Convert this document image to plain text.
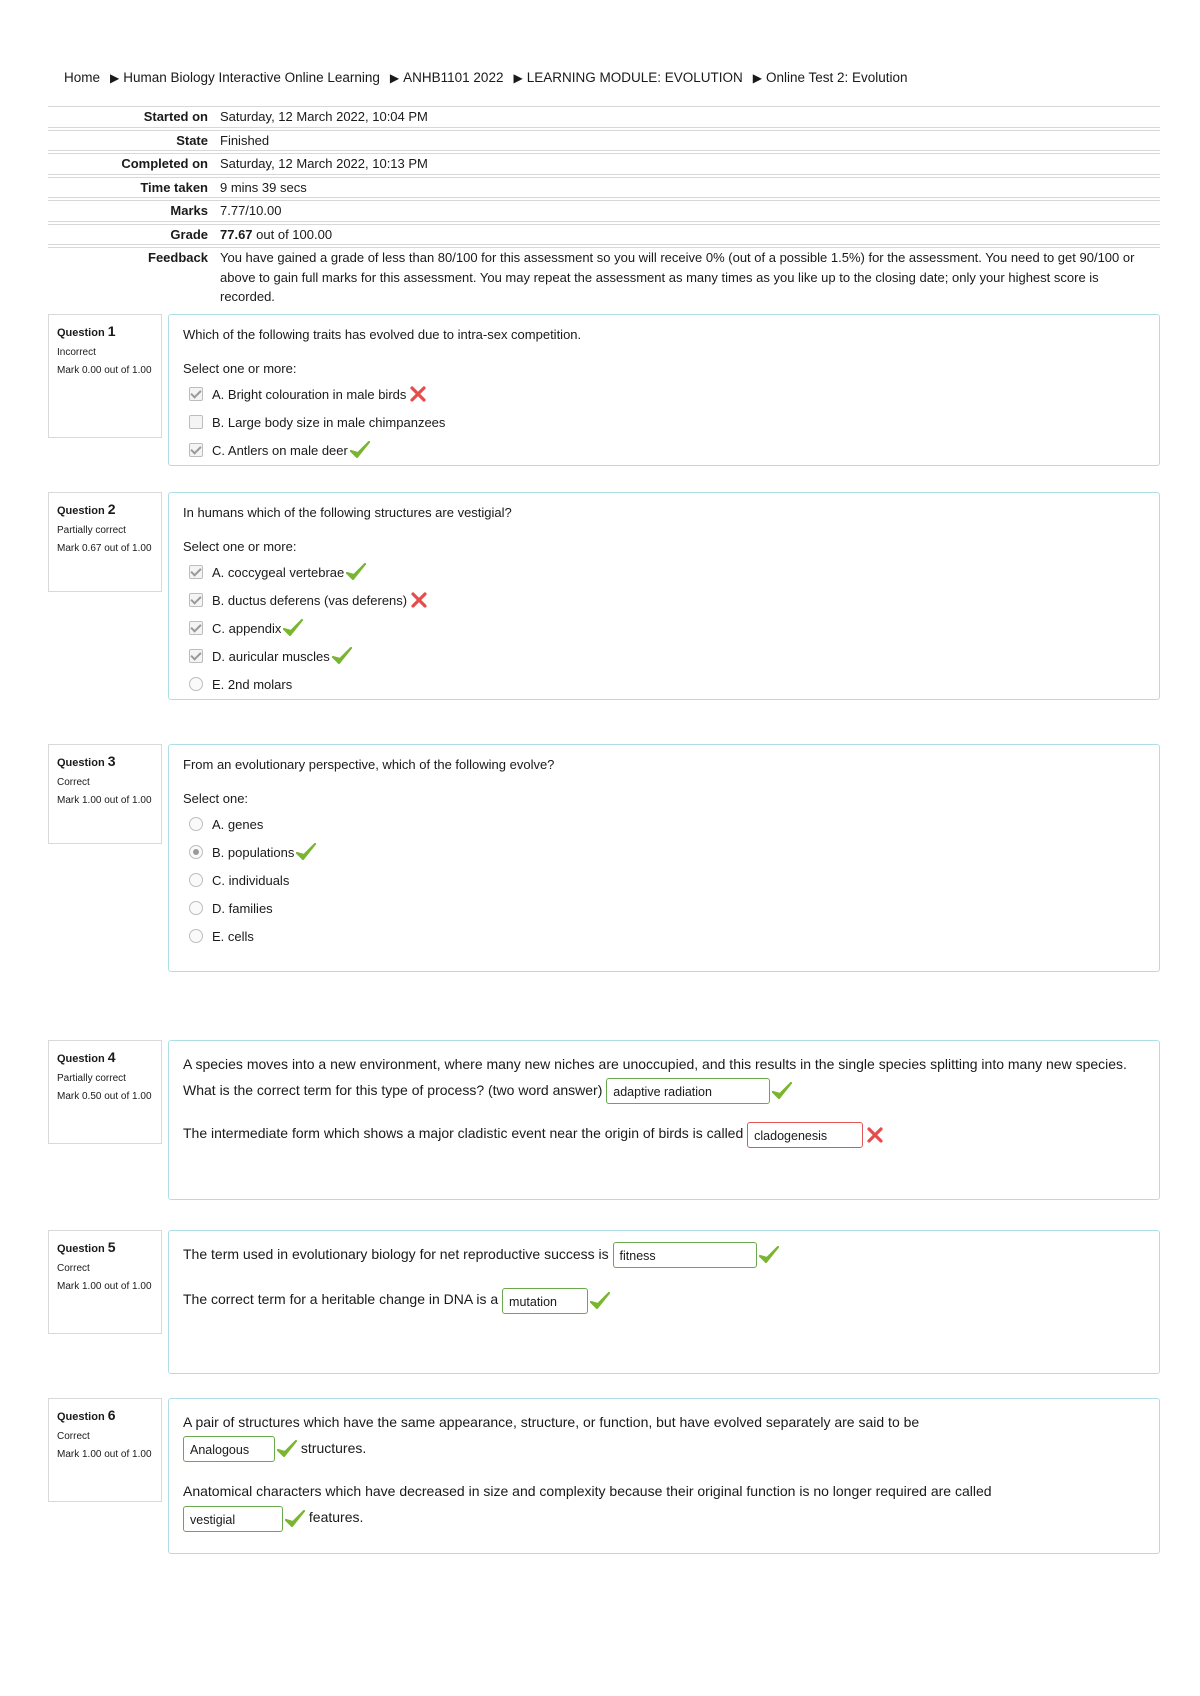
Home ▶ Human Biology Interactive Online Learning ▶ ANHB1101 2022 ▶ LEARNING MODULE: EVOLUTION ▶ Online Test 2: Evolution
Started on Saturday, 12 March 2022, 10:04 PM
State Finished
Completed on Saturday, 12 March 2022, 10:13 PM
Time taken 9 mins 39 secs
Marks 7.77/10.00
Grade 77.67 out of 100.00
Feedback You have gained a grade of less than 80/100 for this assessment so you will receive 0% (out of a possible 1.5%) for the assessment. You need to get 90/100 or above to gain full marks for this assessment. You may repeat the assessment as many times as you like up to the closing date; only your highest score is recorded.
Question 1
Incorrect
Mark 0.00 out of 1.00
Which of the following traits has evolved due to intra-sex competition.
Select one or more:
A. Bright colouration in male birds
B. Large body size in male chimpanzees
C. Antlers on male deer
Question 2
Partially correct
Mark 0.67 out of 1.00
In humans which of the following structures are vestigial?
Select one or more:
A. coccygeal vertebrae
B. ductus deferens (vas deferens)
C. appendix
D. auricular muscles
E. 2nd molars
Question 3
Correct
Mark 1.00 out of 1.00
From an evolutionary perspective, which of the following evolve?
Select one:
A. genes
B. populations
C. individuals
D. families
E. cells
Question 4
Partially correct
Mark 0.50 out of 1.00
A species moves into a new environment, where many new niches are unoccupied, and this results in the single species splitting into many new species. What is the correct term for this type of process? (two word answer) adaptive radiation
The intermediate form which shows a major cladistic event near the origin of birds is called cladogenesis
Question 5
Correct
Mark 1.00 out of 1.00
The term used in evolutionary biology for net reproductive success is fitness
The correct term for a heritable change in DNA is a mutation
Question 6
Correct
Mark 1.00 out of 1.00
A pair of structures which have the same appearance, structure, or function, but have evolved separately are said to be
Analogous	structures.
Anatomical characters which have decreased in size and complexity because their original function is no longer required are called
vestigial	features.
